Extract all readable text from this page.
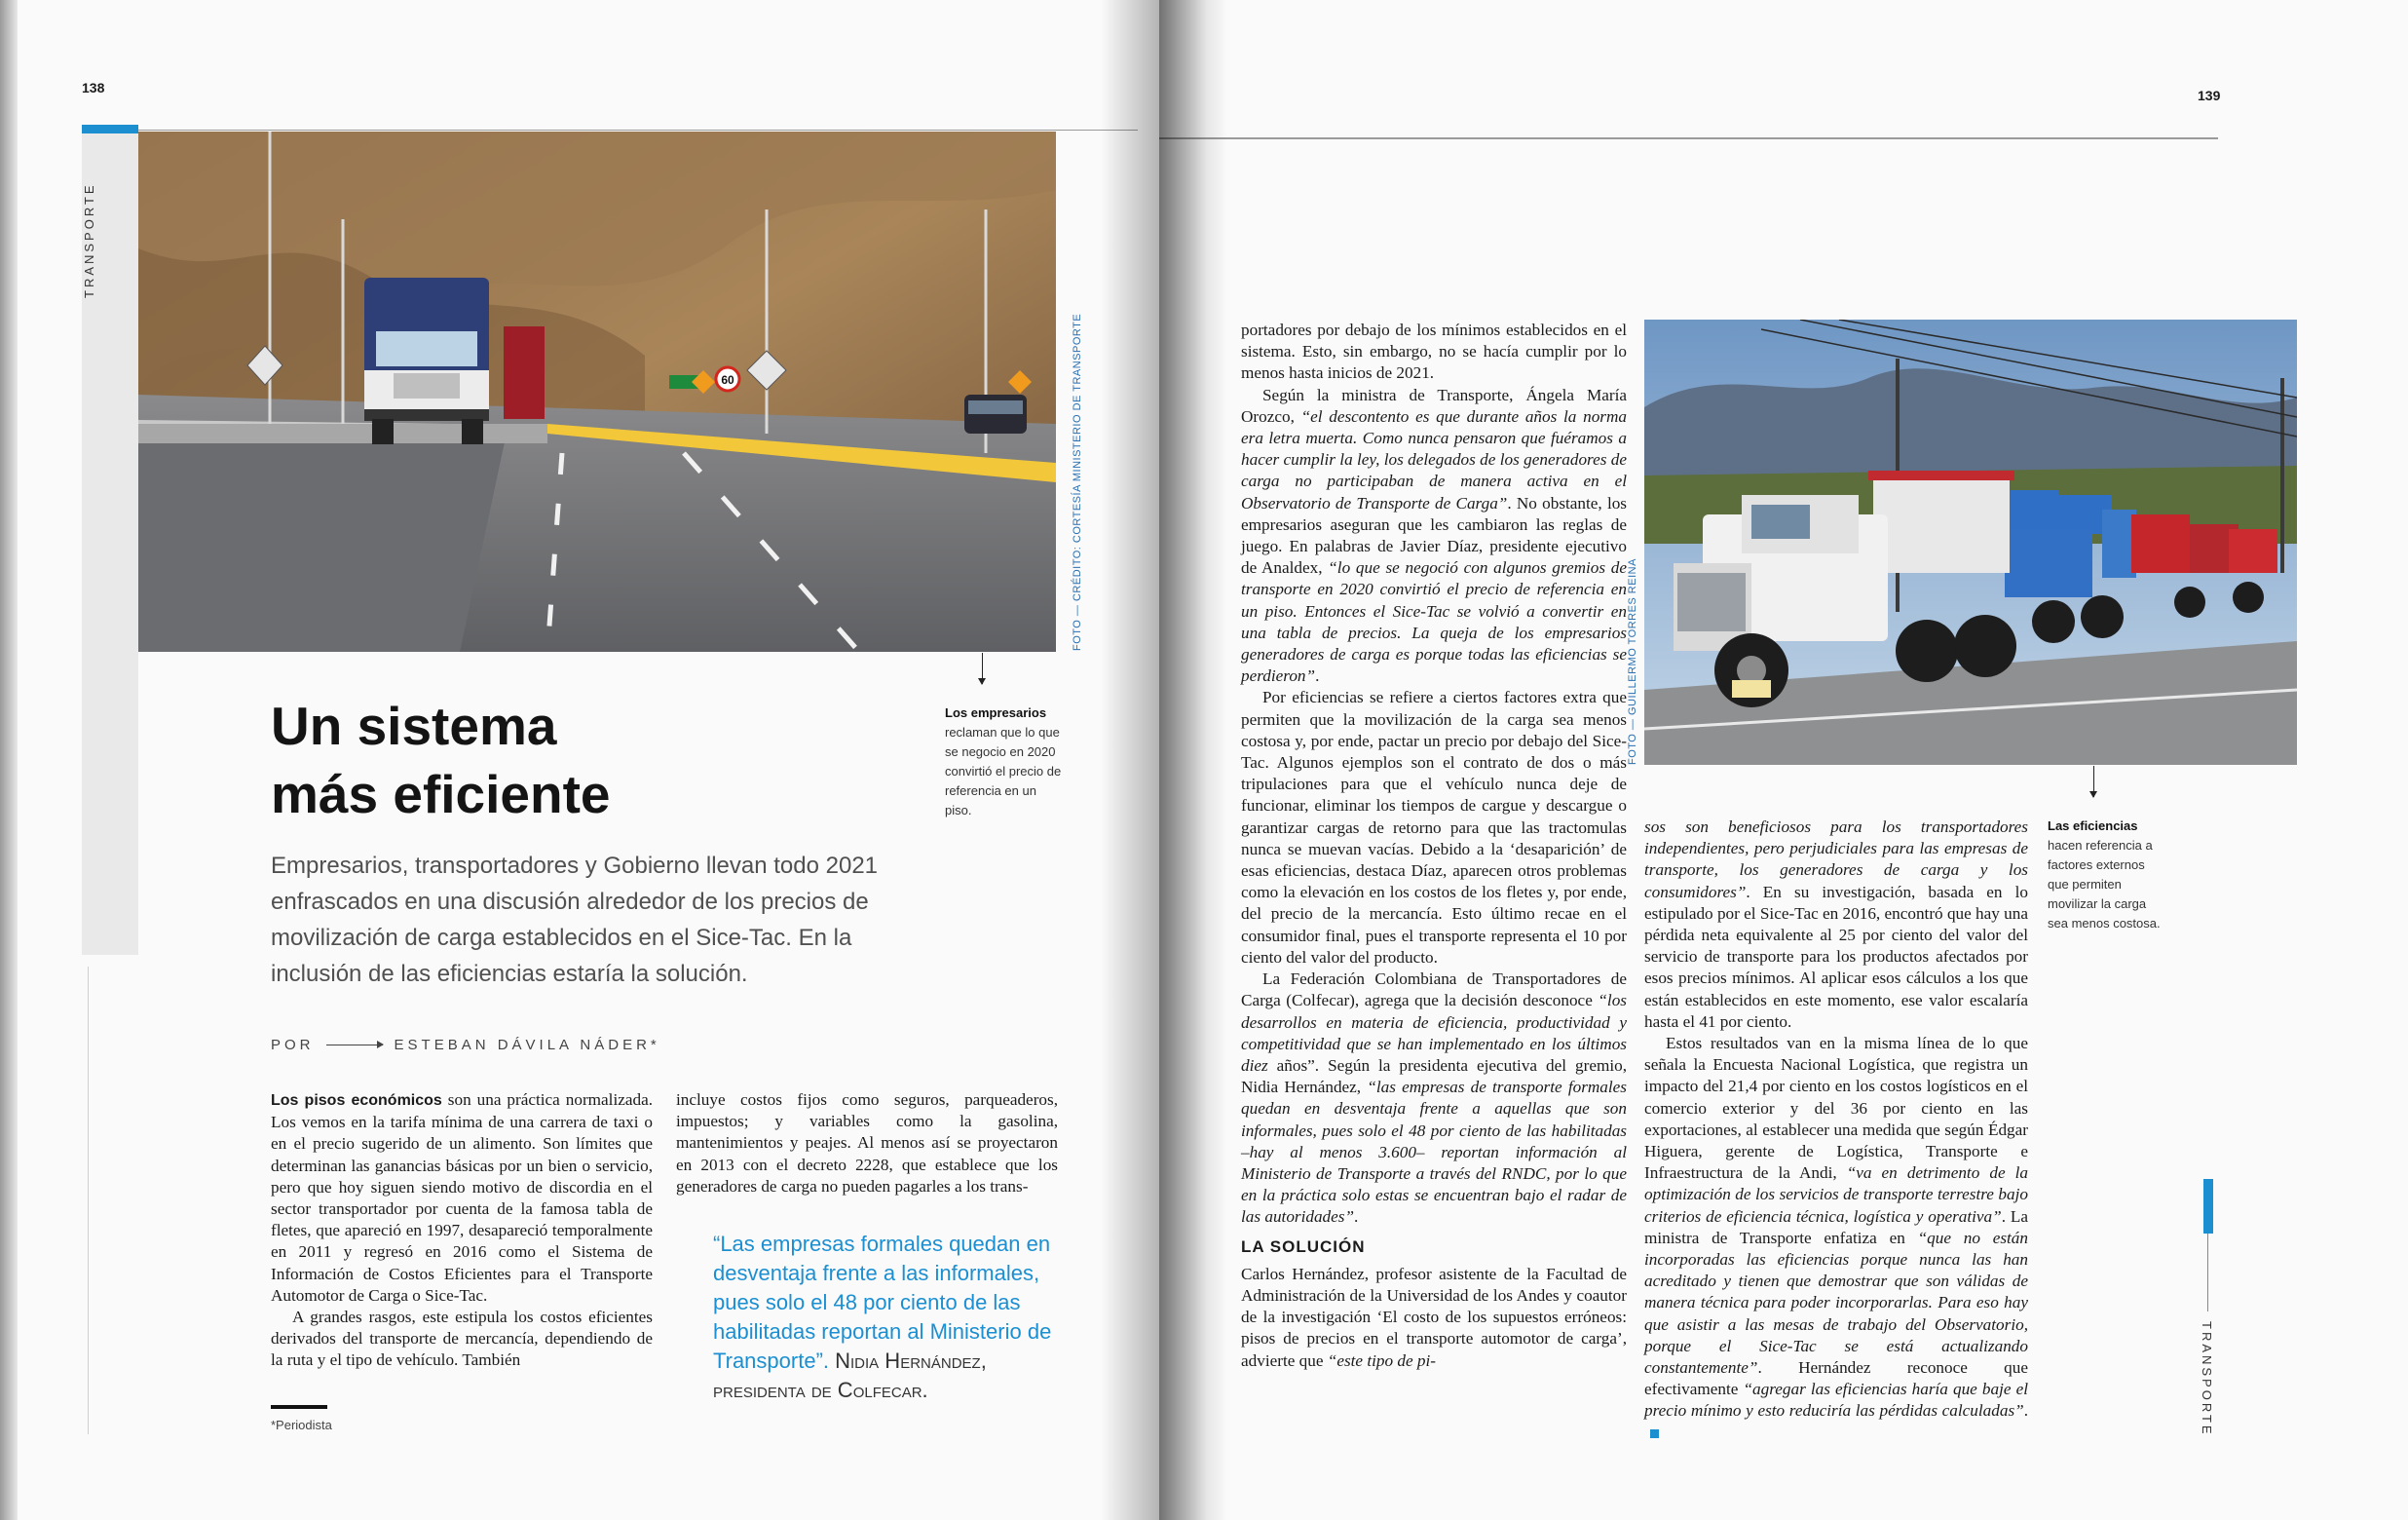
138
TRANSPORTE
60	FOTO — CRÉDITO: CORTESÍA MINISTERIO DE TRANSPORTE
Los empresarios
reclaman que lo que se negocio en 2020 convirtió el precio de referencia en un piso.
Un sistema
más eficiente

Empresarios, transportadores y Gobierno llevan todo 2021 enfrascados en una discusión alrededor de los precios de movilización de carga establecidos en el Sice-Tac. En la inclusión de las eficiencias estaría la solución.

POR	ESTEBAN DÁVILA NÁDER*

Los pisos económicos son una práctica normalizada. Los vemos en la tarifa mínima de una carrera de taxi o en el precio sugerido de un alimento. Son límites que determinan las ganancias básicas por un bien o servicio, pero que hoy siguen siendo motivo de discordia en el sector transportador por cuenta de la famosa tabla de fletes, que apareció en 1997, desapareció temporalmente en 2011 y regresó en 2016 como el Sistema de Información de Costos Eficientes para el Transporte Automotor de Carga o Sice-Tac.

A grandes rasgos, este estipula los costos eficientes derivados del transporte de mercancía, dependiendo de la ruta y el tipo de vehículo. También

incluye costos fijos como seguros, parqueaderos, impuestos; y variables como la gasolina, mantenimientos y peajes. Al menos así se proyectaron en 2013 con el decreto 2228, que establece que los generadores de carga no pueden pagarles a los trans-

“Las empresas formales quedan en desventaja frente a las informales, pues solo el 48 por ciento de las habilitadas reportan al Ministerio de Transporte”. Nidia Hernández, presidenta de Colfecar.

*Periodista
139

portadores por debajo de los mínimos establecidos en el sistema. Esto, sin embargo, no se hacía cumplir por lo menos hasta inicios de 2021.

Según la ministra de Transporte, Ángela María Orozco, “el descontento es que durante años la norma era letra muerta. Como nunca pensaron que fuéramos a hacer cumplir la ley, los delegados de los generadores de carga no participaban de manera activa en el Observatorio de Transporte de Carga”. No obstante, los empresarios aseguran que les cambiaron las reglas de juego. En palabras de Javier Díaz, presidente ejecutivo de Analdex, “lo que se negoció con algunos gremios de transporte en 2020 convirtió el precio de referencia en un piso. Entonces el Sice-Tac se volvió a convertir en una tabla de precios. La queja de los empresarios generadores de carga es porque todas las eficiencias se perdieron”.

Por eficiencias se refiere a ciertos factores extra que permiten que la movilización de la carga sea menos costosa y, por ende, pactar un precio por debajo del Sice-Tac. Algunos ejemplos son el contrato de dos o más tripulaciones para que el vehículo nunca deje de funcionar, eliminar los tiempos de cargue y descargue o garantizar cargas de retorno para que las tractomulas nunca se muevan vacías. Debido a la ‘desaparición’ de esas eficiencias, destaca Díaz, aparecen otros problemas como la elevación en los costos de los fletes y, por ende, del precio de la mercancía. Esto último recae en el consumidor final, pues el transporte representa el 10 por ciento del valor del producto.

La Federación Colombiana de Transportadores de Carga (Colfecar), agrega que la decisión desconoce “los desarrollos en materia de eficiencia, productividad y competitividad que se han implementado en los últimos diez años”. Según la presidenta ejecutiva del gremio, Nidia Hernández, “las empresas de transporte formales quedan en desventaja frente a aquellas que son informales, pues solo el 48 por ciento de las habilitadas –hay al menos 3.600– reportan información al Ministerio de Transporte a través del RNDC, por lo que en la práctica solo estas se encuentran bajo el radar de las autoridades”.

LA SOLUCIÓN

Carlos Hernández, profesor asistente de la Facultad de Administración de la Universidad de los Andes y coautor de la investigación ‘El costo de los supuestos erróneos: pisos de precios en el transporte automotor de carga’, advierte que “este tipo de pi-

FOTO — GUILLERMO TORRES REINA
Las eficiencias
hacen referencia a factores externos que permiten movilizar la carga sea menos costosa.

sos son beneficiosos para los transportadores independientes, pero perjudiciales para las empresas de transporte, los generadores de carga y los consumidores”. En su investigación, basada en lo estipulado por el Sice-Tac en 2016, encontró que hay una pérdida neta equivalente al 25 por ciento del valor del servicio de transporte para los productos afectados por esos precios mínimos. Al aplicar esos cálculos a los que están establecidos en este momento, ese valor escalaría hasta el 41 por ciento.

Estos resultados van en la misma línea de lo que señala la Encuesta Nacional Logística, que registra un impacto del 21,4 por ciento en los costos logísticos en el comercio exterior y del 36 por ciento en las exportaciones, al establecer una medida que según Édgar Higuera, gerente de Logística, Transporte e Infraestructura de la Andi, “va en detrimento de la optimización de los servicios de transporte terrestre bajo criterios de eficiencia técnica, logística y operativa”. La ministra de Transporte enfatiza en “que no están incorporadas las eficiencias porque nunca las han acreditado y tienen que demostrar que son válidas de manera técnica para poder incorporarlas. Para eso hay que asistir a las mesas de trabajo del Observatorio, porque el Sice-Tac se está actualizando constantemente”. Hernández reconoce que efectivamente “agregar las eficiencias haría que baje el precio mínimo y esto reduciría las pérdidas calculadas”.	TRANSPORTE
